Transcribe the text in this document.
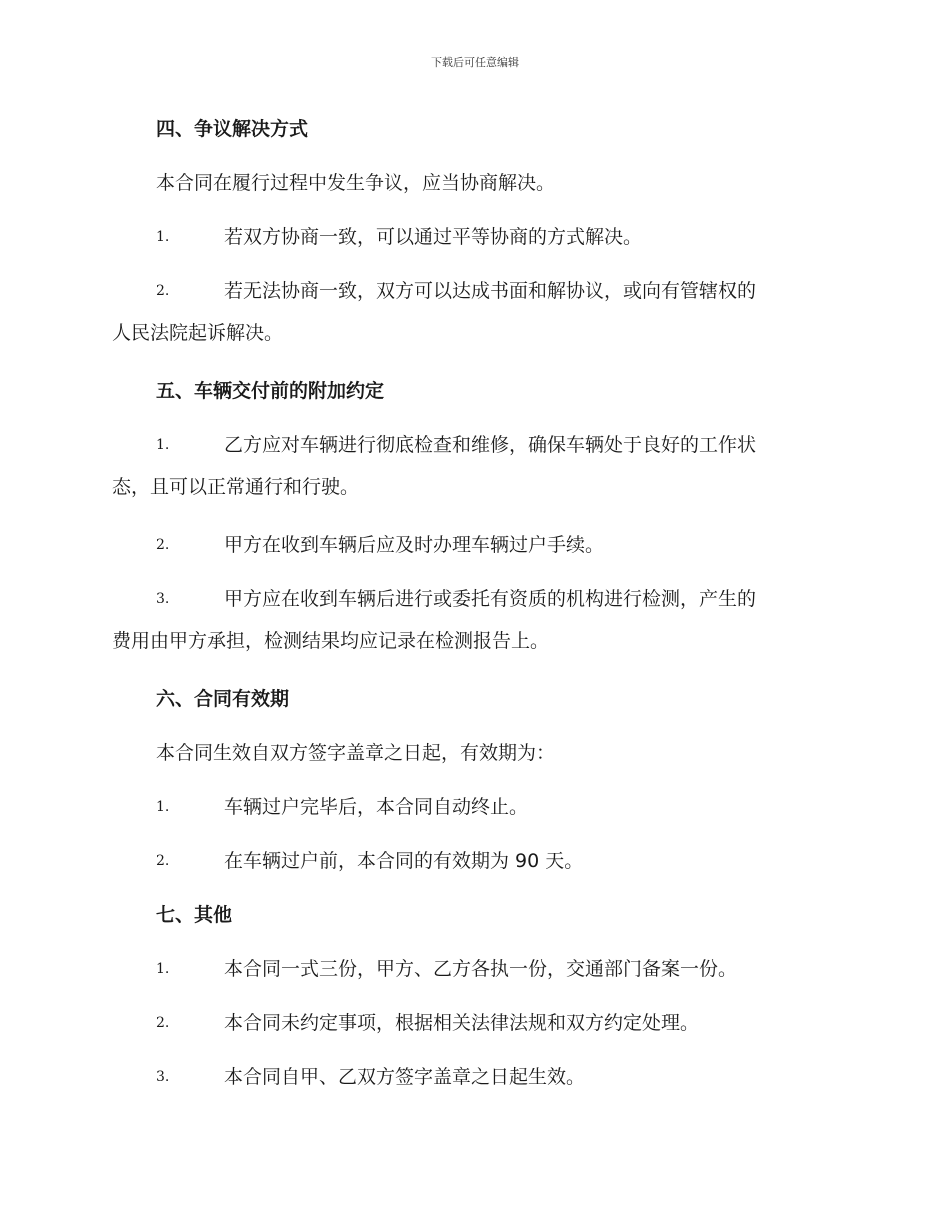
下载后可任意编辑
四、争议解决方式
本合同在履行过程中发生争议，应当协商解决。
1.	若双方协商一致，可以通过平等协商的方式解决。
2.	若无法协商一致，双方可以达成书面和解协议，或向有管辖权的
人民法院起诉解决。
五、车辆交付前的附加约定
1.	乙方应对车辆进行彻底检查和维修，确保车辆处于良好的工作状
态，且可以正常通行和行驶。
2.	甲方在收到车辆后应及时办理车辆过户手续。
3.	甲方应在收到车辆后进行或委托有资质的机构进行检测，产生的
费用由甲方承担，检测结果均应记录在检测报告上。
六、合同有效期
本合同生效自双方签字盖章之日起，有效期为：
1.	车辆过户完毕后，本合同自动终止。
2.	在车辆过户前，本合同的有效期为 90 天。
七、其他
1.	本合同一式三份，甲方、乙方各执一份，交通部门备案一份。
2.	本合同未约定事项，根据相关法律法规和双方约定处理。
3.	本合同自甲、乙双方签字盖章之日起生效。
